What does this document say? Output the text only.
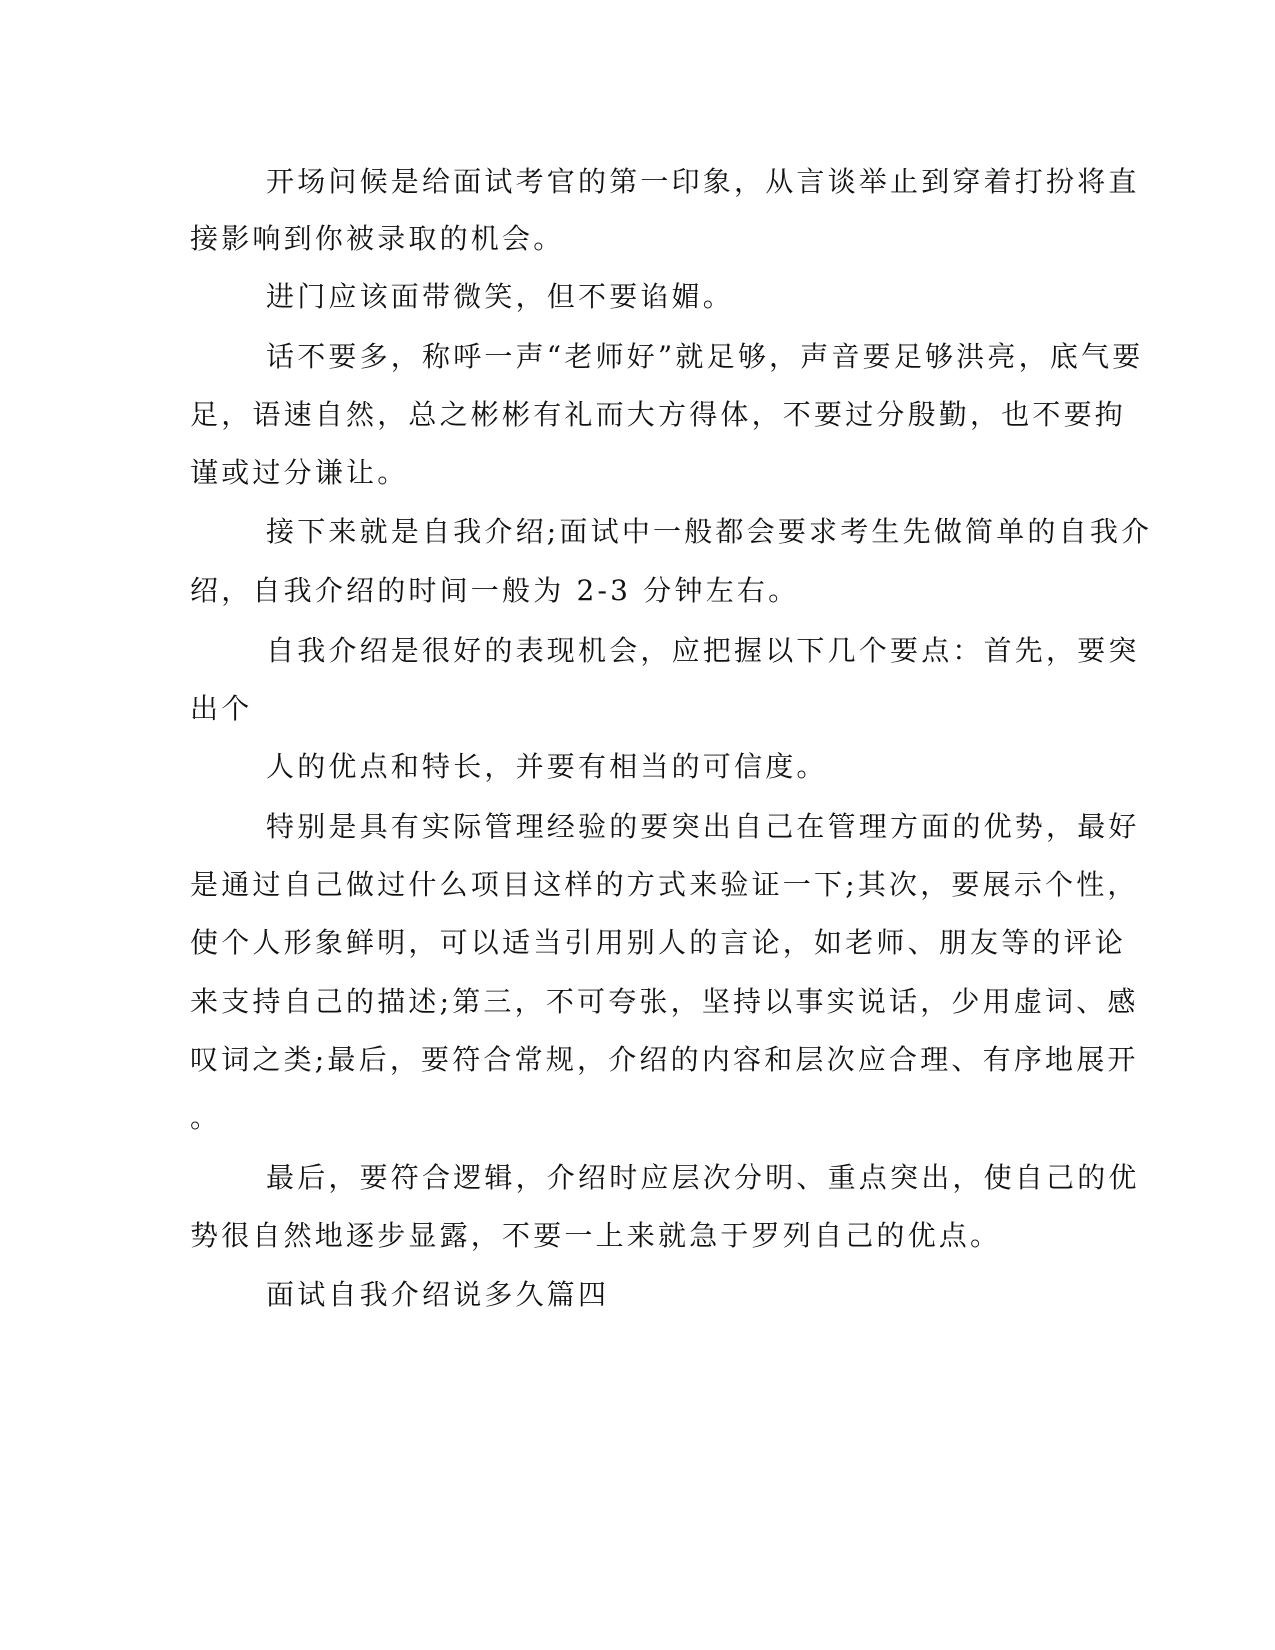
开场问候是给面试考官的第一印象，从言谈举止到穿着打扮将直
接影响到你被录取的机会。
进门应该面带微笑，但不要谄媚。
话不要多，称呼一声“老师好”就足够，声音要足够洪亮，底气要
足，语速自然，总之彬彬有礼而大方得体，不要过分殷勤，也不要拘
谨或过分谦让。
接下来就是自我介绍;面试中一般都会要求考生先做简单的自我介
绍，自我介绍的时间一般为 2-3 分钟左右。
自我介绍是很好的表现机会，应把握以下几个要点：首先，要突
出个
人的优点和特长，并要有相当的可信度。
特别是具有实际管理经验的要突出自己在管理方面的优势，最好
是通过自己做过什么项目这样的方式来验证一下;其次，要展示个性，
使个人形象鲜明，可以适当引用别人的言论，如老师、朋友等的评论
来支持自己的描述;第三，不可夸张，坚持以事实说话，少用虚词、感
叹词之类;最后，要符合常规，介绍的内容和层次应合理、有序地展开
。
最后，要符合逻辑，介绍时应层次分明、重点突出，使自己的优
势很自然地逐步显露，不要一上来就急于罗列自己的优点。
面试自我介绍说多久篇四
